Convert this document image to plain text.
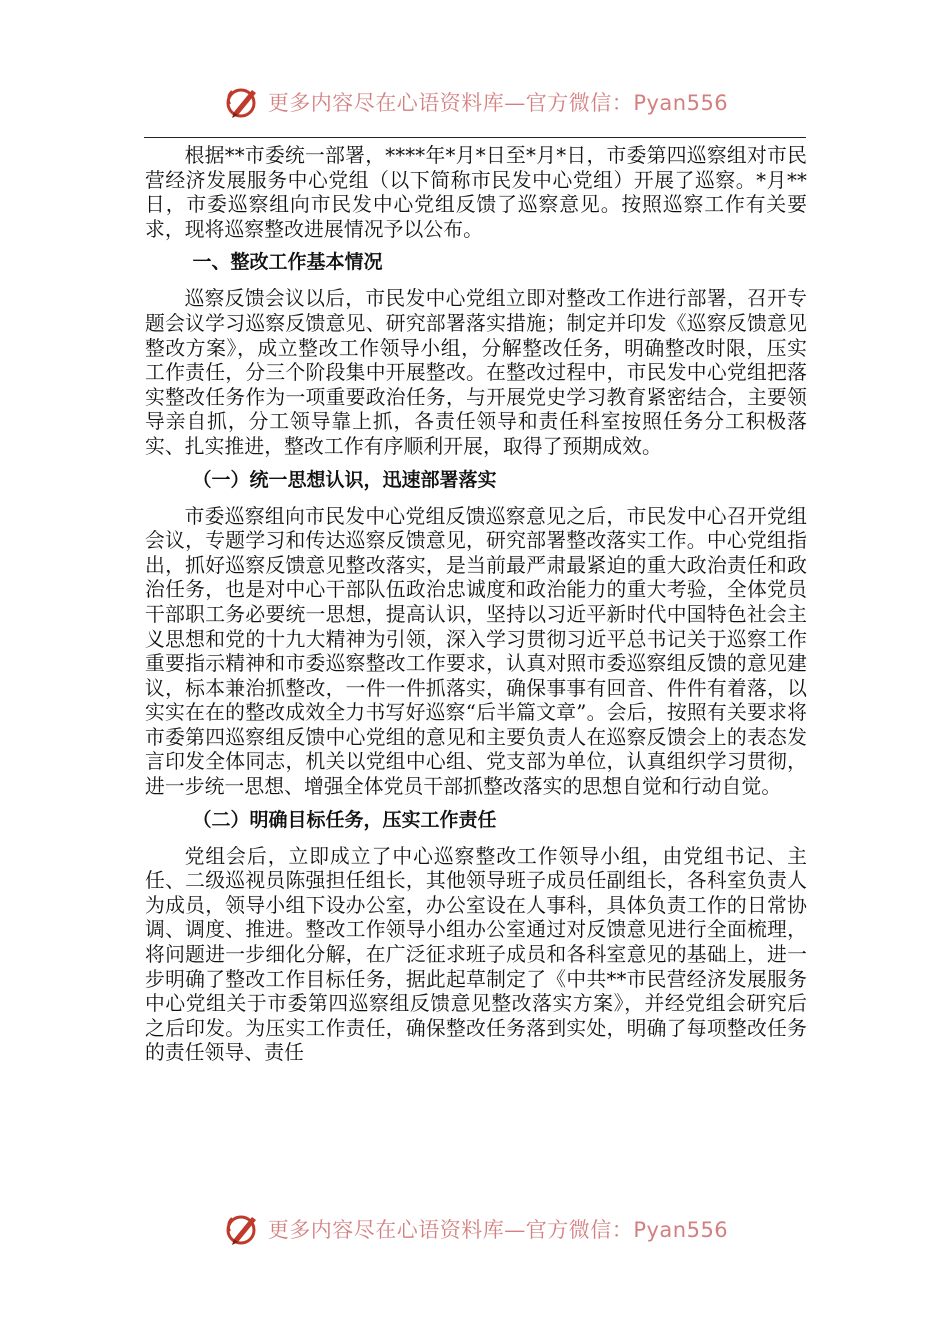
更多内容尽在心语资料库—官方微信：Pyan556

根据**市委统一部署，****年*月*日至*月*日，市委第四巡察组对市民营经济发展服务中心党组（以下简称市民发中心党组）开展了巡察。*月**日，市委巡察组向市民发中心党组反馈了巡察意见。按照巡察工作有关要求，现将巡察整改进展情况予以公布。

一、整改工作基本情况

巡察反馈会议以后，市民发中心党组立即对整改工作进行部署，召开专题会议学习巡察反馈意见、研究部署落实措施；制定并印发《巡察反馈意见整改方案》，成立整改工作领导小组，分解整改任务，明确整改时限，压实工作责任，分三个阶段集中开展整改。在整改过程中，市民发中心党组把落实整改任务作为一项重要政治任务，与开展党史学习教育紧密结合，主要领导亲自抓，分工领导靠上抓，各责任领导和责任科室按照任务分工积极落实、扎实推进，整改工作有序顺利开展，取得了预期成效。

（一）统一思想认识，迅速部署落实

市委巡察组向市民发中心党组反馈巡察意见之后，市民发中心召开党组会议，专题学习和传达巡察反馈意见，研究部署整改落实工作。中心党组指出，抓好巡察反馈意见整改落实，是当前最严肃最紧迫的重大政治责任和政治任务，也是对中心干部队伍政治忠诚度和政治能力的重大考验，全体党员干部职工务必要统一思想，提高认识，坚持以习近平新时代中国特色社会主义思想和党的十九大精神为引领，深入学习贯彻习近平总书记关于巡察工作重要指示精神和市委巡察整改工作要求，认真对照市委巡察组反馈的意见建议，标本兼治抓整改，一件一件抓落实，确保事事有回音、件件有着落，以实实在在的整改成效全力书写好巡察“后半篇文章”。会后，按照有关要求将市委第四巡察组反馈中心党组的意见和主要负责人在巡察反馈会上的表态发言印发全体同志，机关以党组中心组、党支部为单位，认真组织学习贯彻，进一步统一思想、增强全体党员干部抓整改落实的思想自觉和行动自觉。

（二）明确目标任务，压实工作责任

党组会后，立即成立了中心巡察整改工作领导小组，由党组书记、主任、二级巡视员陈强担任组长，其他领导班子成员任副组长，各科室负责人为成员，领导小组下设办公室，办公室设在人事科，具体负责工作的日常协调、调度、推进。整改工作领导小组办公室通过对反馈意见进行全面梳理，将问题进一步细化分解，在广泛征求班子成员和各科室意见的基础上，进一步明确了整改工作目标任务，据此起草制定了《中共**市民营经济发展服务中心党组关于市委第四巡察组反馈意见整改落实方案》，并经党组会研究后之后印发。为压实工作责任，确保整改任务落到实处，明确了每项整改任务的责任领导、责任

更多内容尽在心语资料库—官方微信：Pyan556
